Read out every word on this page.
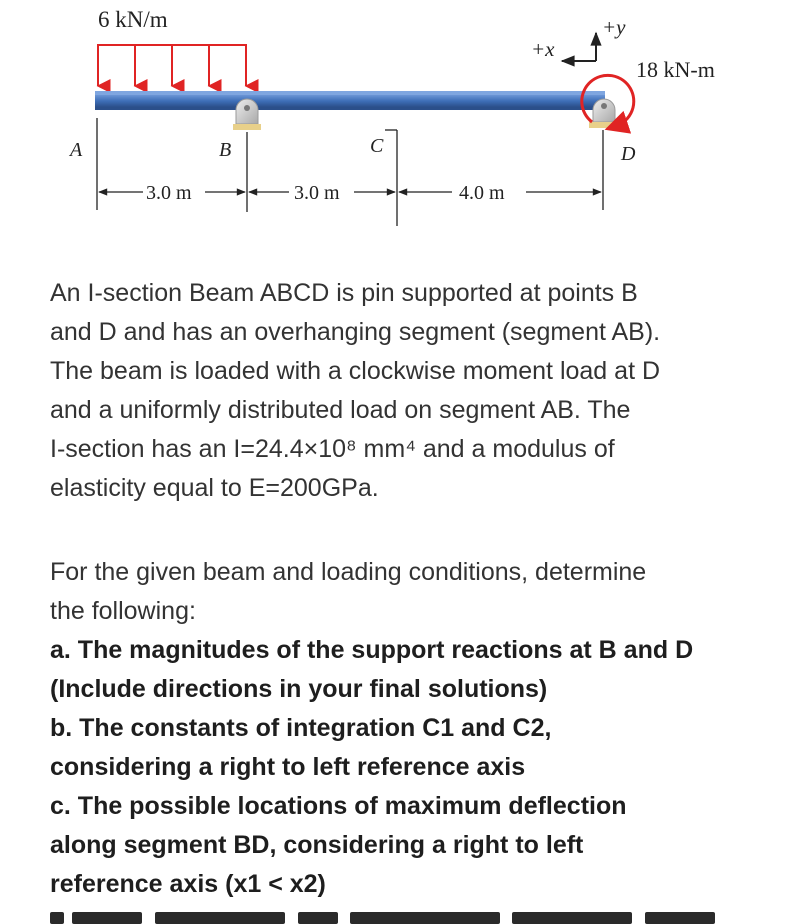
6 kN/m
18 kN-m
+x
+y
A	B	C	D
3.0 m	3.0 m	4.0 m
An I-section Beam ABCD is pin supported at points B
and D and has an overhanging segment (segment AB).
The beam is loaded with a clockwise moment load at D
and a uniformly distributed load on segment AB. The
I-section has an I=24.4×10⁸ mm⁴ and a modulus of
elasticity equal to E=200GPa.
For the given beam and loading conditions, determine
the following:
a. The magnitudes of the support reactions at B and D
(Include directions in your final solutions)
b. The constants of integration C1 and C2,
considering a right to left reference axis
c. The possible locations of maximum deflection
along segment BD, considering a right to left
reference axis (x1 < x2)
